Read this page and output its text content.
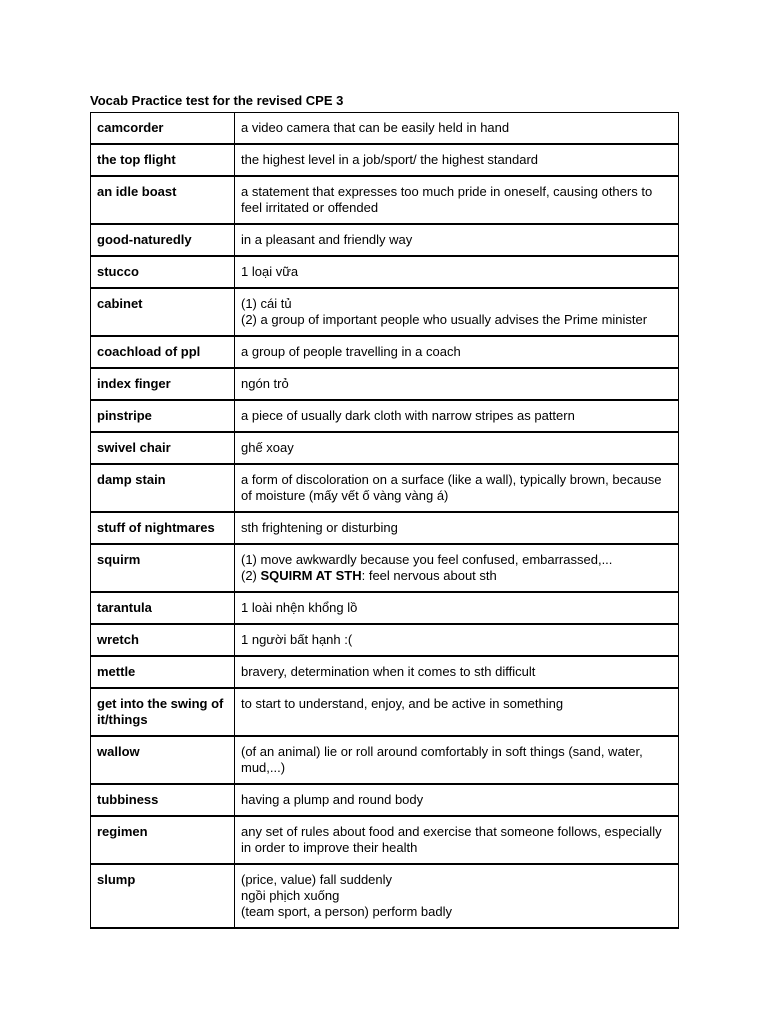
Vocab Practice test for the revised CPE 3
camcorder	a video camera that can be easily held in hand

the top flight	the highest level in a job/sport/ the highest standard

an idle boast	a statement that expresses too much pride in oneself, causing others to feel irritated or offended

good-naturedly	in a pleasant and friendly way

stucco	1 loại vữa

cabinet	(1) cái tủ
(2) a group of important people who usually advises the Prime minister

coachload of ppl	a group of people travelling in a coach

index finger	ngón trỏ

pinstripe	a piece of usually dark cloth with narrow stripes as pattern

swivel chair	ghế xoay

damp stain	a form of discoloration on a surface (like a wall), typically brown, because of moisture (mấy vết ố vàng vàng á)

stuff of nightmares	sth frightening or disturbing

squirm	(1) move awkwardly because you feel confused, embarrassed,...
(2) SQUIRM AT STH: feel nervous about sth

tarantula	1 loài nhện khổng lồ

wretch	1 người bất hạnh :(

mettle	bravery, determination when it comes to sth difficult

get into the swing of it/things	to start to understand, enjoy, and be active in something

wallow	(of an animal) lie or roll around comfortably in soft things (sand, water, mud,...)

tubbiness	having a plump and round body

regimen	any set of rules about food and exercise that someone follows, especially in order to improve their health

slump	(price, value) fall suddenly
ngồi phịch xuống
(team sport, a person) perform badly
